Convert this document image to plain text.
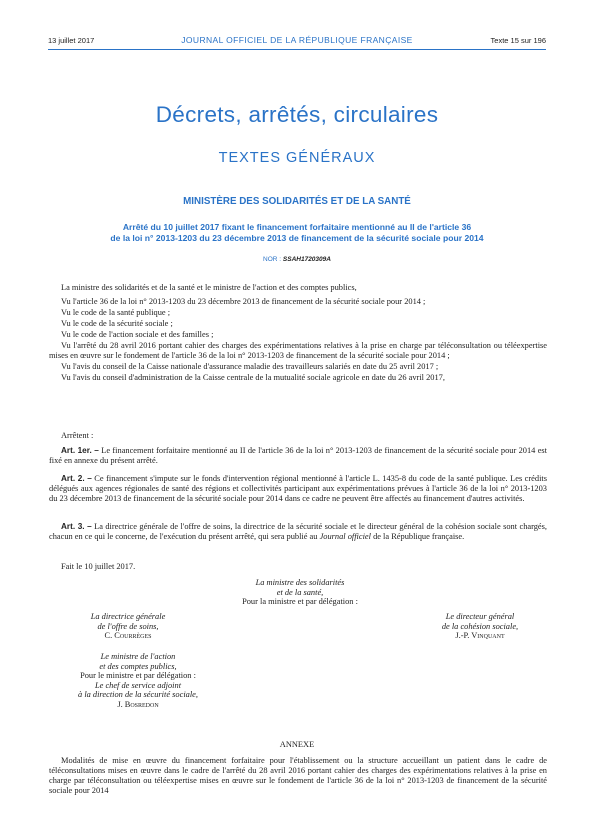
13 juillet 2017	JOURNAL OFFICIEL DE LA RÉPUBLIQUE FRANÇAISE	Texte 15 sur 196
Décrets, arrêtés, circulaires
TEXTES GÉNÉRAUX
MINISTÈRE DES SOLIDARITÉS ET DE LA SANTÉ
Arrêté du 10 juillet 2017 fixant le financement forfaitaire mentionné au II de l'article 36
de la loi n° 2013-1203 du 23 décembre 2013 de financement de la sécurité sociale pour 2014
NOR : SSAH1720309A
La ministre des solidarités et de la santé et le ministre de l'action et des comptes publics,
Vu l'article 36 de la loi n° 2013-1203 du 23 décembre 2013 de financement de la sécurité sociale pour 2014 ;
Vu le code de la santé publique ;
Vu le code de la sécurité sociale ;
Vu le code de l'action sociale et des familles ;
Vu l'arrêté du 28 avril 2016 portant cahier des charges des expérimentations relatives à la prise en charge par téléconsultation ou téléexpertise mises en œuvre sur le fondement de l'article 36 de la loi n° 2013-1203 de financement de la sécurité sociale pour 2014 ;
Vu l'avis du conseil de la Caisse nationale d'assurance maladie des travailleurs salariés en date du 25 avril 2017 ;
Vu l'avis du conseil d'administration de la Caisse centrale de la mutualité sociale agricole en date du 26 avril 2017,
Arrêtent :
Art. 1er. – Le financement forfaitaire mentionné au II de l'article 36 de la loi n° 2013-1203 de financement de la sécurité sociale pour 2014 est fixé en annexe du présent arrêté.
Art. 2. – Ce financement s'impute sur le fonds d'intervention régional mentionné à l'article L. 1435-8 du code de la santé publique. Les crédits délégués aux agences régionales de santé des régions et collectivités participant aux expérimentations prévues à l'article 36 de la loi n° 2013-1203 du 23 décembre 2013 de financement de la sécurité sociale pour 2014 dans ce cadre ne peuvent être affectés au financement d'autres activités.
Art. 3. – La directrice générale de l'offre de soins, la directrice de la sécurité sociale et le directeur général de la cohésion sociale sont chargés, chacun en ce qui le concerne, de l'exécution du présent arrêté, qui sera publié au Journal officiel de la République française.
Fait le 10 juillet 2017.
La ministre des solidarités
et de la santé,
Pour la ministre et par délégation :
La directrice générale
de l'offre de soins,
C. Courrèges
Le directeur général
de la cohésion sociale,
J.-P. Vinquant
Le ministre de l'action
et des comptes publics,
Pour le ministre et par délégation :
Le chef de service adjoint
à la direction de la sécurité sociale,
J. Bosredon
ANNEXE
Modalités de mise en œuvre du financement forfaitaire pour l'établissement ou la structure accueillant un patient dans le cadre de téléconsultations mises en œuvre dans le cadre de l'arrêté du 28 avril 2016 portant cahier des charges des expérimentations relatives à la prise en charge par téléconsultation ou téléexpertise mises en œuvre sur le fondement de l'article 36 de la loi n° 2013-1203 de financement de la sécurité sociale pour 2014
